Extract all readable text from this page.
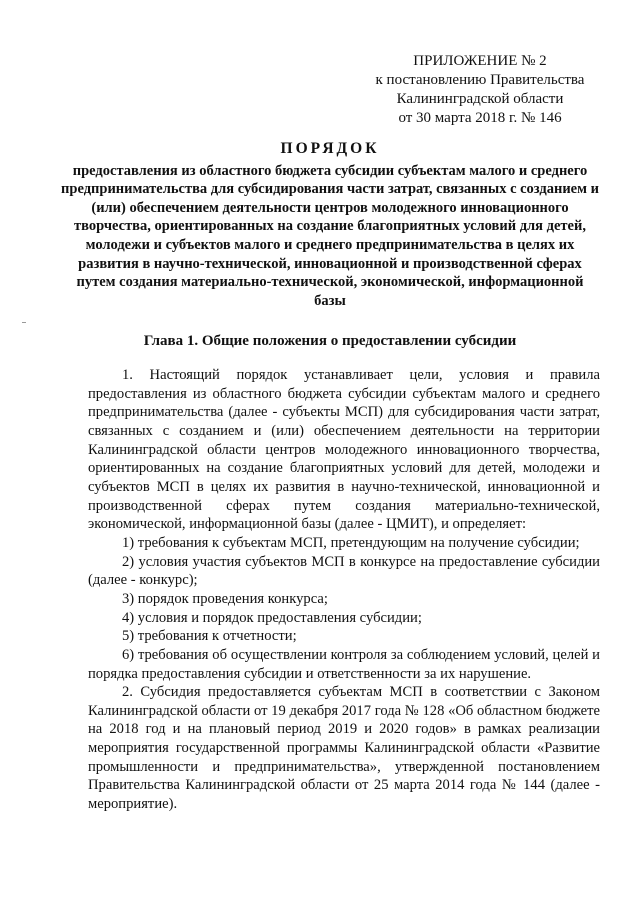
ПРИЛОЖЕНИЕ № 2
к постановлению Правительства
Калининградской области
от 30 марта 2018 г. № 146
ПОРЯДОК
предоставления из областного бюджета субсидии субъектам малого и среднего предпринимательства для субсидирования части затрат, связанных с созданием и (или) обеспечением деятельности центров молодежного инновационного творчества, ориентированных на создание благоприятных условий для детей, молодежи и субъектов малого и среднего предпринимательства в целях их развития в научно-технической, инновационной и производственной сферах путем создания материально-технической, экономической, информационной базы
Глава 1. Общие положения о предоставлении субсидии

1. Настоящий порядок устанавливает цели, условия и правила предоставления из областного бюджета субсидии субъектам малого и среднего предпринимательства (далее - субъекты МСП) для субсидирования части затрат, связанных с созданием и (или) обеспечением деятельности на территории Калининградской области центров молодежного инновационного творчества, ориентированных на создание благоприятных условий для детей, молодежи и субъектов МСП в целях их развития в научно-технической, инновационной и производственной сферах путем создания материально-технической, экономической, информационной базы (далее - ЦМИТ), и определяет:

1) требования к субъектам МСП, претендующим на получение субсидии;

2) условия участия субъектов МСП в конкурсе на предоставление субсидии (далее - конкурс);

3) порядок проведения конкурса;

4) условия и порядок предоставления субсидии;

5) требования к отчетности;

6) требования об осуществлении контроля за соблюдением условий, целей и порядка предоставления субсидии и ответственности за их нарушение.

2. Субсидия предоставляется субъектам МСП в соответствии с Законом Калининградской области от 19 декабря 2017 года № 128 «Об областном бюджете на 2018 год и на плановый период 2019 и 2020 годов» в рамках реализации мероприятия государственной программы Калининградской области «Развитие промышленности и предпринимательства», утвержденной постановлением Правительства Калининградской области от 25 марта 2014 года № 144 (далее - мероприятие).
